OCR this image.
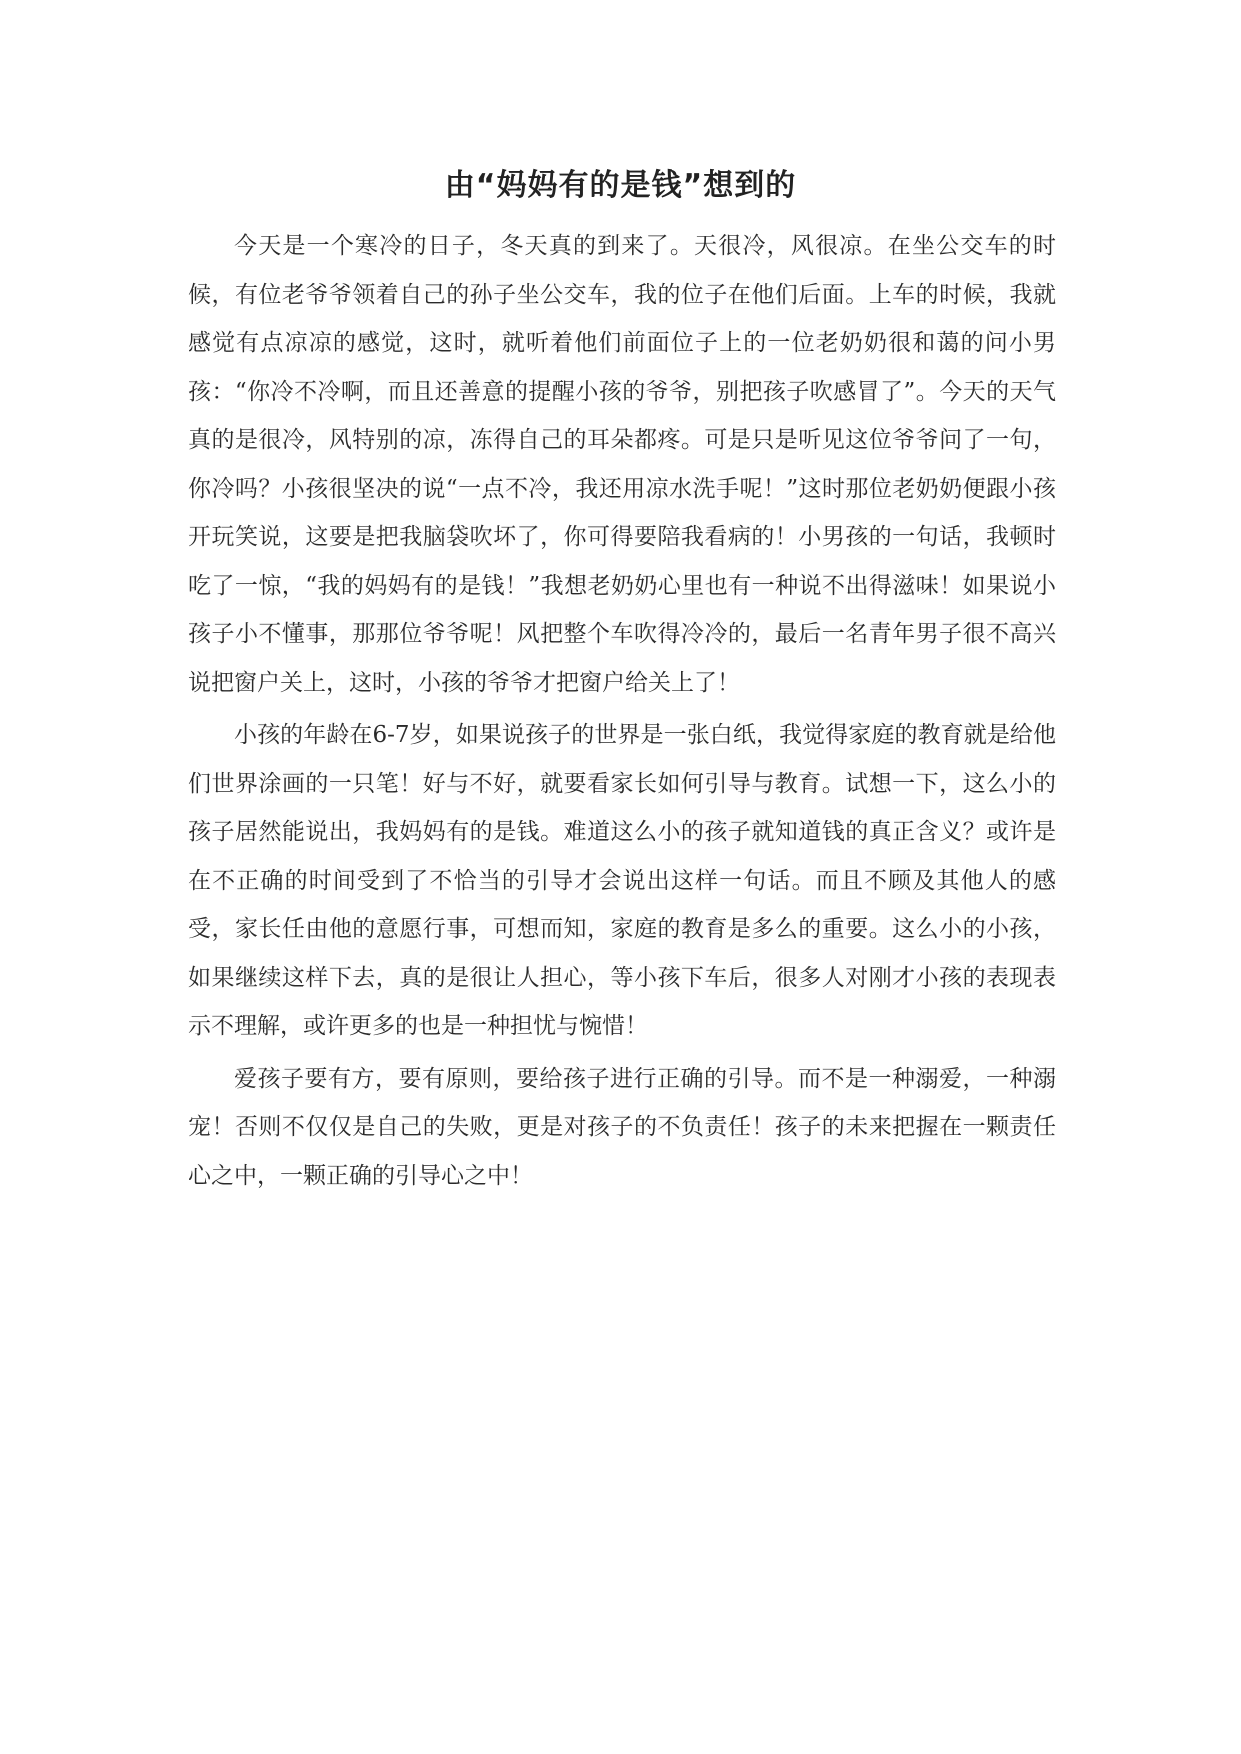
由“妈妈有的是钱”想到的

今天是一个寒冷的日子，冬天真的到来了。天很冷，风很凉。在坐公交车的时候，有位老爷爷领着自己的孙子坐公交车，我的位子在他们后面。上车的时候，我就感觉有点凉凉的感觉，这时，就听着他们前面位子上的一位老奶奶很和蔼的问小男孩：“你冷不冷啊，而且还善意的提醒小孩的爷爷，别把孩子吹感冒了”。今天的天气真的是很冷，风特别的凉，冻得自己的耳朵都疼。可是只是听见这位爷爷问了一句，你冷吗？小孩很坚决的说“一点不冷，我还用凉水洗手呢！”这时那位老奶奶便跟小孩开玩笑说，这要是把我脑袋吹坏了，你可得要陪我看病的！小男孩的一句话，我顿时吃了一惊，“我的妈妈有的是钱！”我想老奶奶心里也有一种说不出得滋味！如果说小孩子小不懂事，那那位爷爷呢！风把整个车吹得冷冷的，最后一名青年男子很不高兴说把窗户关上，这时，小孩的爷爷才把窗户给关上了！

小孩的年龄在6-7岁，如果说孩子的世界是一张白纸，我觉得家庭的教育就是给他们世界涂画的一只笔！好与不好，就要看家长如何引导与教育。试想一下，这么小的孩子居然能说出，我妈妈有的是钱。难道这么小的孩子就知道钱的真正含义？或许是在不正确的时间受到了不恰当的引导才会说出这样一句话。而且不顾及其他人的感受，家长任由他的意愿行事，可想而知，家庭的教育是多么的重要。这么小的小孩，如果继续这样下去，真的是很让人担心，等小孩下车后，很多人对刚才小孩的表现表示不理解，或许更多的也是一种担忧与惋惜！

爱孩子要有方，要有原则，要给孩子进行正确的引导。而不是一种溺爱，一种溺宠！否则不仅仅是自己的失败，更是对孩子的不负责任！孩子的未来把握在一颗责任心之中，一颗正确的引导心之中！
